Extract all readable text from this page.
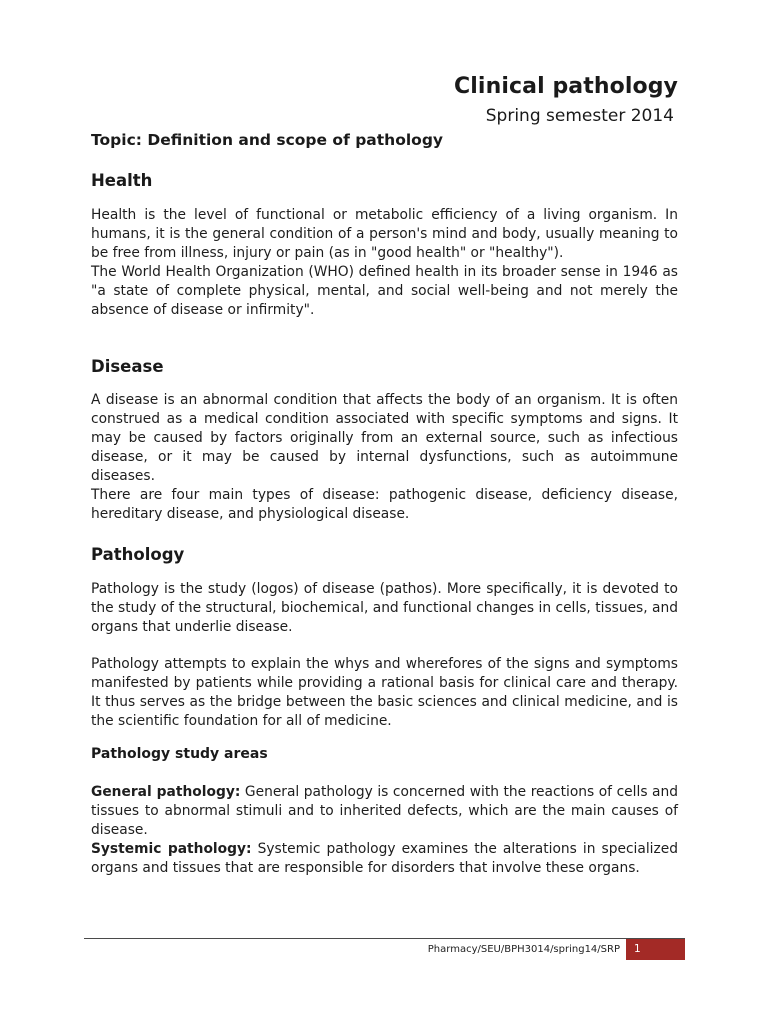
Clinical pathology
Spring semester 2014
Topic: Definition and scope of pathology
Health

Health is the level of functional or metabolic efficiency of a living organism. In humans, it is the general condition of a person's mind and body, usually meaning to be free from illness, injury or pain (as in "good health" or "healthy").
The World Health Organization (WHO) defined health in its broader sense in 1946 as "a state of complete physical, mental, and social well-being and not merely the absence of disease or infirmity".

Disease

A disease is an abnormal condition that affects the body of an organism. It is often construed as a medical condition associated with specific symptoms and signs. It may be caused by factors originally from an external source, such as infectious disease, or it may be caused by internal dysfunctions, such as autoimmune diseases.
There are four main types of disease: pathogenic disease, deficiency disease, hereditary disease, and physiological disease.

Pathology

Pathology is the study (logos) of disease (pathos). More specifically, it is devoted to the study of the structural, biochemical, and functional changes in cells, tissues, and organs that underlie disease.

Pathology attempts to explain the whys and wherefores of the signs and symptoms manifested by patients while providing a rational basis for clinical care and therapy. It thus serves as the bridge between the basic sciences and clinical medicine, and is the scientific foundation for all of medicine.

Pathology study areas

General pathology: General pathology is concerned with the reactions of cells and tissues to abnormal stimuli and to inherited defects, which are the main causes of disease.
Systemic pathology: Systemic pathology examines the alterations in specialized organs and tissues that are responsible for disorders that involve these organs.

Pharmacy/SEU/BPH3014/spring14/SRP 1
